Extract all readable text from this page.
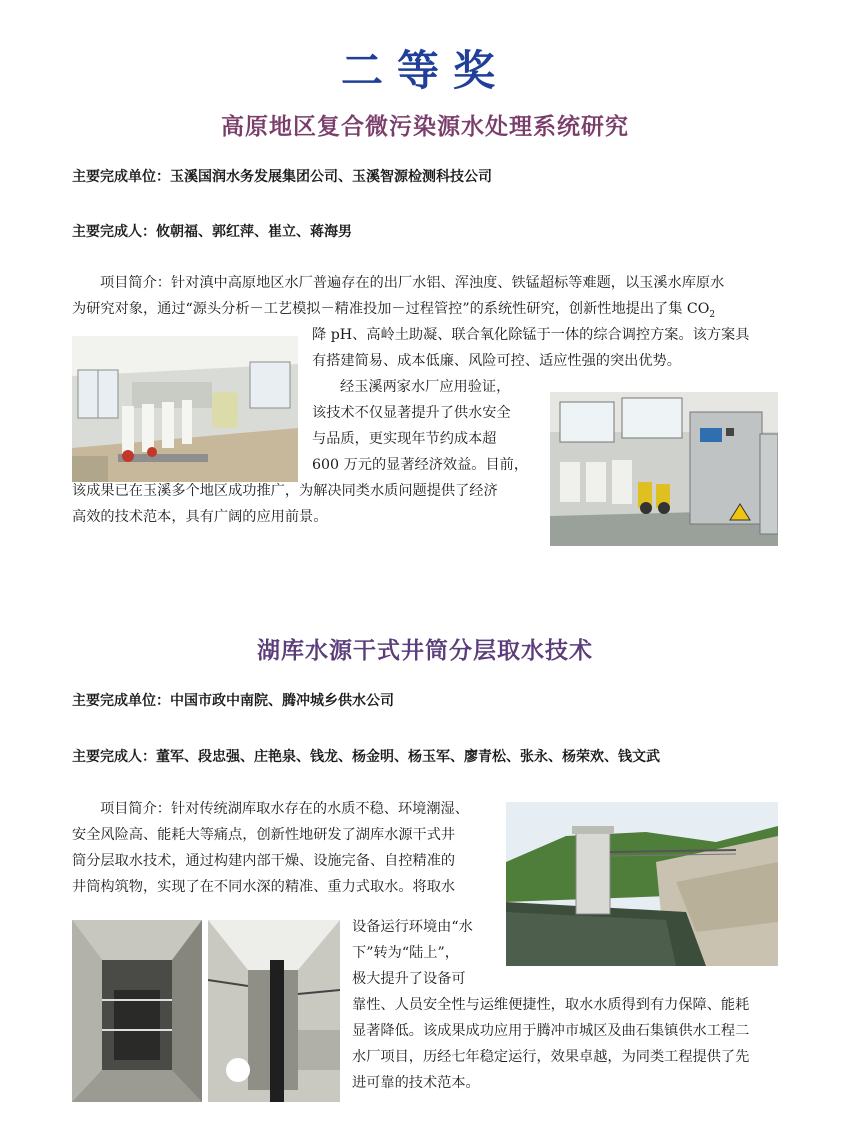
二等奖
高原地区复合微污染源水处理系统研究
主要完成单位：玉溪国润水务发展集团公司、玉溪智源检测科技公司
主要完成人：攸朝福、郭红萍、崔立、蒋海男

项目简介：针对滇中高原地区水厂普遍存在的出厂水铝、浑浊度、铁锰超标等难题，以玉溪水库原水

为研究对象，通过“源头分析－工艺模拟－精准投加－过程管控”的系统性研究，创新性地提出了集 $CO_2$

降 pH、高岭土助凝、联合氧化除锰于一体的综合调控方案。该方案具

有搭建简易、成本低廉、风险可控、适应性强的突出优势。

经玉溪两家水厂应用验证，

该技术不仅显著提升了供水安全

与品质，更实现年节约成本超

600 万元的显著经济效益。目前，

该成果已在玉溪多个地区成功推广，为解决同类水质问题提供了经济

高效的技术范本，具有广阔的应用前景。

湖库水源干式井筒分层取水技术
主要完成单位：中国市政中南院、腾冲城乡供水公司
主要完成人：董军、段忠强、庄艳泉、钱龙、杨金明、杨玉军、廖青松、张永、杨荣欢、钱文武

项目简介：针对传统湖库取水存在的水质不稳、环境潮湿、

安全风险高、能耗大等痛点，创新性地研发了湖库水源干式井

筒分层取水技术，通过构建内部干燥、设施完备、自控精准的

井筒构筑物，实现了在不同水深的精准、重力式取水。将取水

设备运行环境由“水

下”转为“陆上”，

极大提升了设备可

靠性、人员安全性与运维便捷性，取水水质得到有力保障、能耗

显著降低。该成果成功应用于腾冲市城区及曲石集镇供水工程二

水厂项目，历经七年稳定运行，效果卓越，为同类工程提供了先

进可靠的技术范本。
